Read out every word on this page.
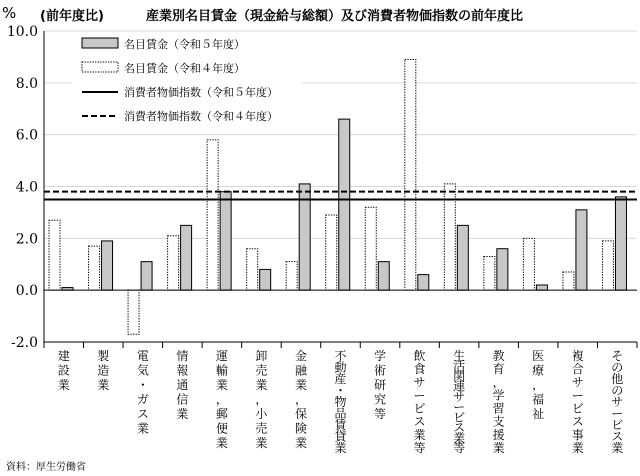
% (前年度比)	産業別名目賃金（現金給与総額）及び消費者物価指数の前年度比
10.0
8.0
6.0
4.0
2.0
0.0
-2.0
建設業
製造業
電気・ガス業
情報通信業
運輸業，郵便業
卸売業，小売業
金融業，保険業
不動産・物品賃貸業
学術研究等
飲食サービス業等
生活関連サービス業等
教育，学習支援業
医療，福祉
複合サービス事業
その他のサービス業
名目賃金（令和５年度）
名目賃金（令和４年度）
消費者物価指数（令和５年度）
消費者物価指数（令和４年度）
資料：厚生労働省
